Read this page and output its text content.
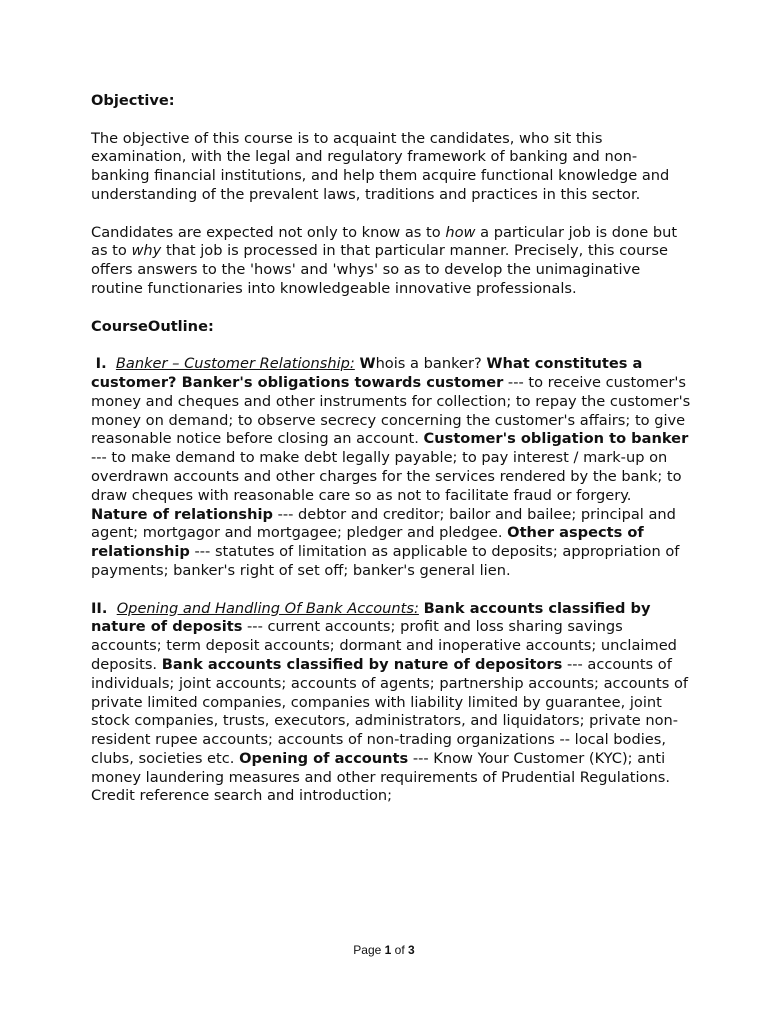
Objective:

The objective of this course is to acquaint the candidates, who sit this examination, with the legal and regulatory framework of banking and non-banking financial institutions, and help them acquire functional knowledge and understanding of the prevalent laws, traditions and practices in this sector.

Candidates are expected not only to know as to how a particular job is done but as to why that job is processed in that particular manner. Precisely, this course offers answers to the 'hows' and 'whys' so as to develop the unimaginative routine functionaries into knowledgeable innovative professionals.

CourseOutline:

I. Banker – Customer Relationship: Whois a banker? What constitutes a customer? Banker's obligations towards customer --- to receive customer's money and cheques and other instruments for collection; to repay the customer's money on demand; to observe secrecy concerning the customer's affairs; to give reasonable notice before closing an account. Customer's obligation to banker --- to make demand to make debt legally payable; to pay interest / mark-up on overdrawn accounts and other charges for the services rendered by the bank; to draw cheques with reasonable care so as not to facilitate fraud or forgery. Nature of relationship --- debtor and creditor; bailor and bailee; principal and agent; mortgagor and mortgagee; pledger and pledgee. Other aspects of relationship --- statutes of limitation as applicable to deposits; appropriation of payments; banker's right of set off; banker's general lien.

II. Opening and Handling Of Bank Accounts: Bank accounts classified by nature of deposits --- current accounts; profit and loss sharing savings accounts; term deposit accounts; dormant and inoperative accounts; unclaimed deposits. Bank accounts classified by nature of depositors --- accounts of individuals; joint accounts; accounts of agents; partnership accounts; accounts of private limited companies, companies with liability limited by guarantee, joint stock companies, trusts, executors, administrators, and liquidators; private non-resident rupee accounts; accounts of non-trading organizations -- local bodies, clubs, societies etc. Opening of accounts --- Know Your Customer (KYC); anti money laundering measures and other requirements of Prudential Regulations. Credit reference search and introduction;

Page 1 of 3
